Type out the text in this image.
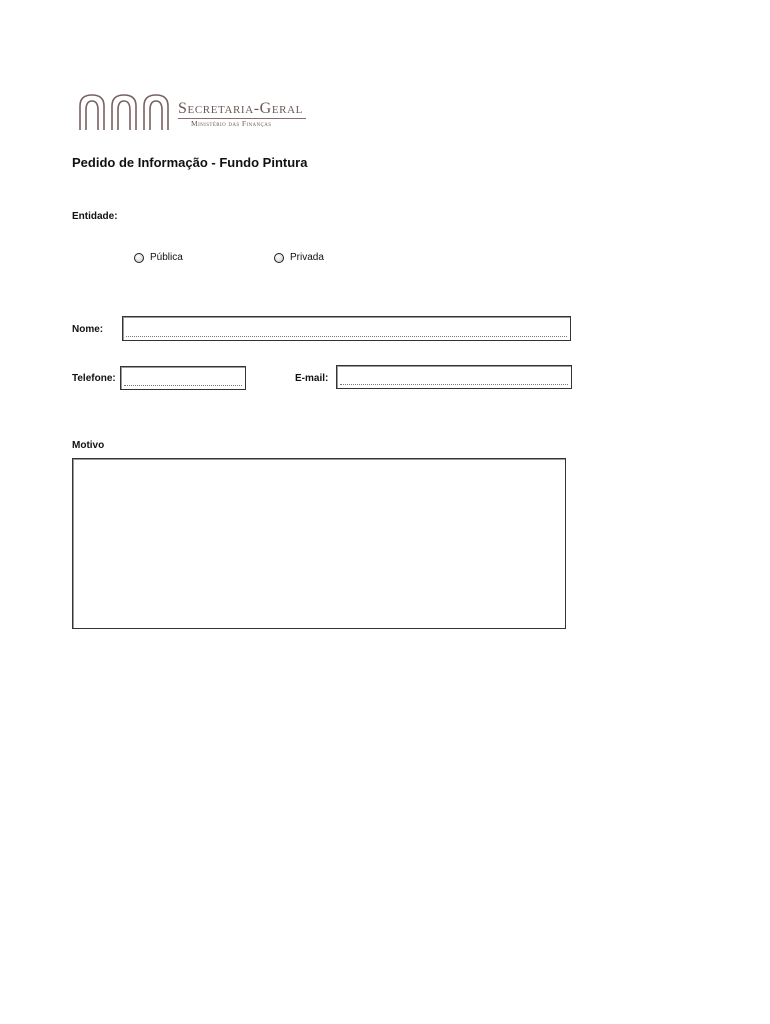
Secretaria-Geral
Ministério das Finanças
Pedido de Informação - Fundo Pintura
Entidade:
Pública	Privada
Nome:
Telefone:	E-mail:
Motivo
